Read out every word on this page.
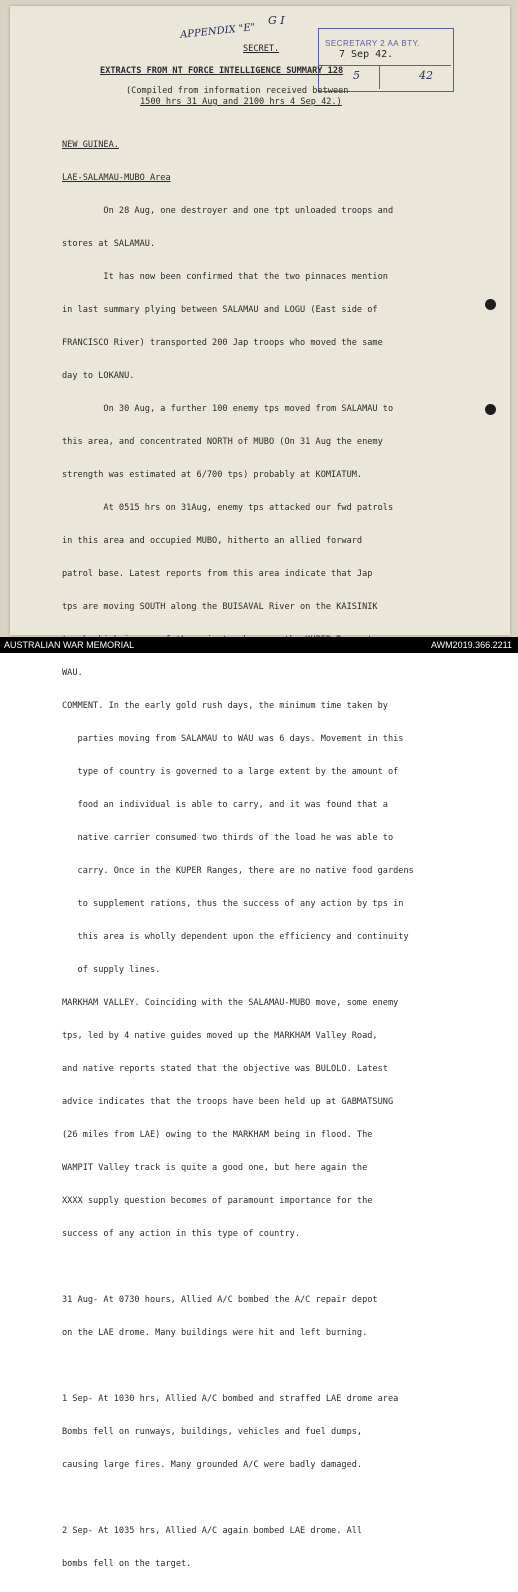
APPENDIX "E"
G I
SECRETARY 2 AA BTY.
7 Sep 42.
5	42
SECRET.
EXTRACTS FROM NT FORCE INTELLIGENCE SUMMARY 128
(Compiled from information received between
1500 hrs 31 Aug and 2100 hrs 4 Sep 42.)

NEW GUINEA.

LAE-SALAMAU-MUBO Area

On 28 Aug, one destroyer and one tpt unloaded troops and

stores at SALAMAU.

It has now been confirmed that the two pinnaces mention

in last summary plying between SALAMAU and LOGU (East side of

FRANCISCO River) transported 200 Jap troops who moved the same

day to LOKANU.

On 30 Aug, a further 100 enemy tps moved from SALAMAU to

this area, and concentrated NORTH of MUBO (On 31 Aug the enemy

strength was estimated at 6/700 tps) probably at KOMIATUM.

At 0515 hrs on 31Aug, enemy tps attacked our fwd patrols

in this area and occupied MUBO, hitherto an allied forward

patrol base. Latest reports from this area indicate that Jap

tps are moving SOUTH along the BUISAVAL River on the KAISINIK

WAU.

COMMENT. In the early gold rush days, the minimum time taken by

parties moving from SALAMAU to WAU was 6 days. Movement in this

type of country is governed to a large extent by the amount of

food an individual is able to carry, and it was found that a

native carrier consumed two thirds of the load he was able to

carry. Once in the KUPER Ranges, there are no native food gardens

to supplement rations, thus the success of any action by tps in

this area is wholly dependent upon the efficiency and continuity

of supply lines.

MARKHAM VALLEY. Coinciding with the SALAMAU-MUBO move, some enemy

tps, led by 4 native guides moved up the MARKHAM Valley Road,

and native reports stated that the objective was BULOLO. Latest

advice indicates that the troops have been held up at GABMATSUNG

(26 miles from LAE) owing to the MARKHAM being in flood. The

WAMPIT Valley track is quite a good one, but here again the

XXXX supply question becomes of paramount importance for the

success of any action in this type of country.

31 Aug- At 0730 hours, Allied A/C bombed the A/C repair depot

on the LAE drome. Many buildings were hit and left burning.

1 Sep- At 1030 hrs, Allied A/C bombed and straffed LAE drome area

Bombs fell on runways, buildings, vehicles and fuel dumps,

causing large fires. Many grounded A/C were badly damaged.

2 Sep- At 1035 hrs, Allied A/C again bombed LAE drome. All

bombs fell on the target.

AUSTRALIAN WAR MEMORIAL	AWM2019.366.2211
